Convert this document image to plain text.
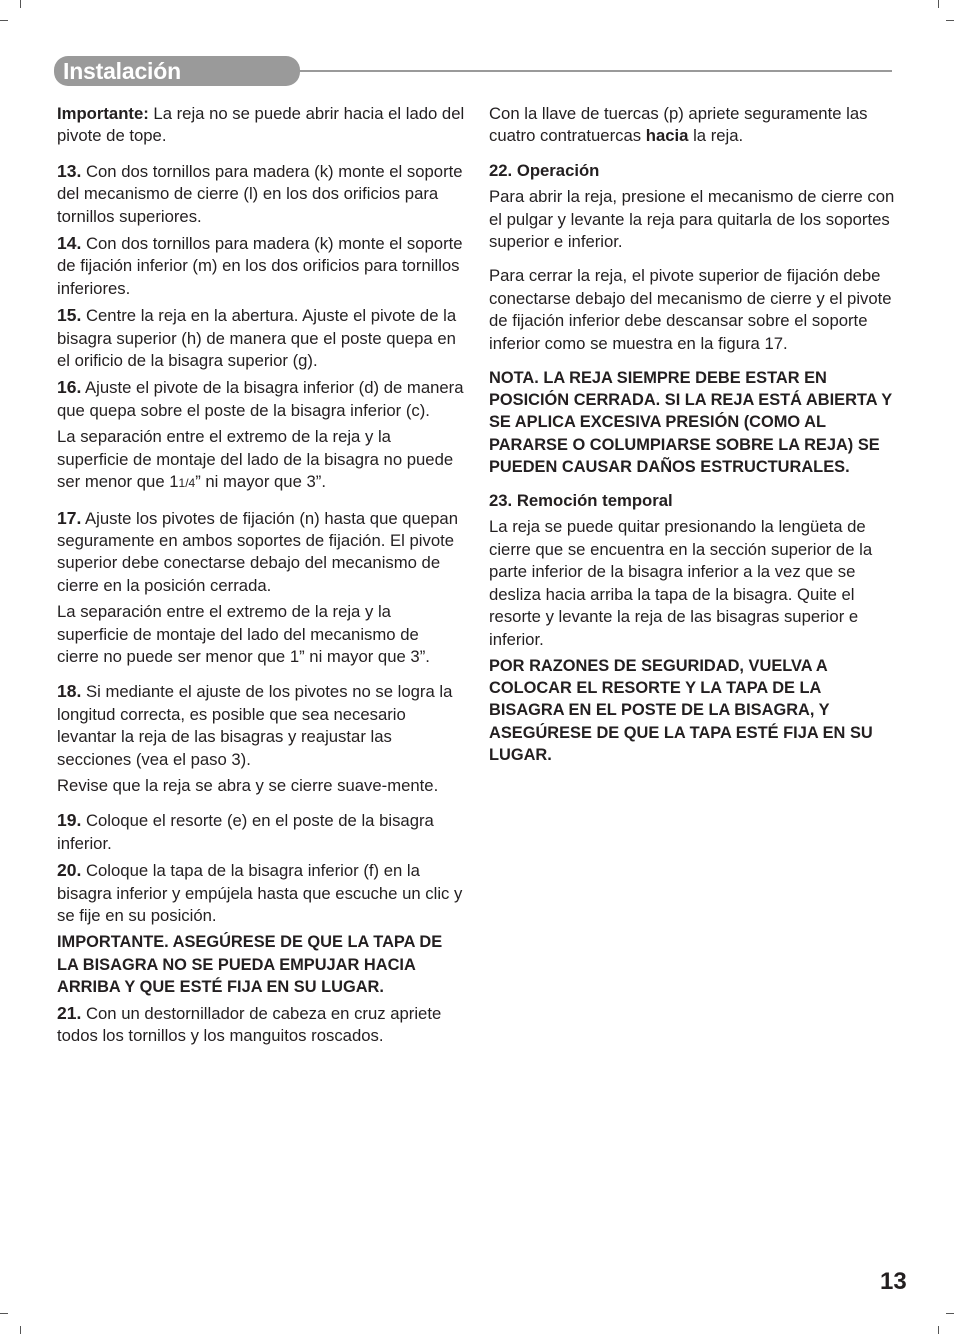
Instalación

Importante: La reja no se puede abrir hacia el lado del pivote de tope.

13. Con dos tornillos para madera (k) monte el soporte del mecanismo de cierre (l) en los dos orificios para tornillos superiores.

14. Con dos tornillos para madera (k) monte el soporte de fijación inferior (m) en los dos orificios para tornillos inferiores.

15. Centre la reja en la abertura. Ajuste el pivote de la bisagra superior (h) de manera que el poste quepa en el orificio de la bisagra superior (g).

16. Ajuste el pivote de la bisagra inferior (d) de manera que quepa sobre el poste de la bisagra inferior (c).

La separación entre el extremo de la reja y la superficie de montaje del lado de la bisagra no puede ser menor que 11/4” ni mayor que 3”.

17. Ajuste los pivotes de fijación (n) hasta que quepan seguramente en ambos soportes de fijación. El pivote superior debe conectarse debajo del mecanismo de cierre en la posición cerrada.

La separación entre el extremo de la reja y la superficie de montaje del lado del mecanismo de cierre no puede ser menor que 1” ni mayor que 3”.

18. Si mediante el ajuste de los pivotes no se logra la longitud correcta, es posible que sea necesario levantar la reja de las bisagras y reajustar las secciones (vea el paso 3).

Revise que la reja se abra y se cierre suave-mente.

19. Coloque el resorte (e) en el poste de la bisagra inferior.

20. Coloque la tapa de la bisagra inferior (f) en la bisagra inferior y empújela hasta que escuche un clic y se fije en su posición.

IMPORTANTE. ASEGÚRESE DE QUE LA TAPA DE LA BISAGRA NO SE PUEDA EMPUJAR HACIA ARRIBA Y QUE ESTÉ FIJA EN SU LUGAR.

21. Con un destornillador de cabeza en cruz apriete todos los tornillos y los manguitos roscados.

Con la llave de tuercas (p) apriete seguramente las cuatro contratuercas hacia la reja.

22. Operación

Para abrir la reja, presione el mecanismo de cierre con el pulgar y levante la reja para quitarla de los soportes superior e inferior.

Para cerrar la reja, el pivote superior de fijación debe conectarse debajo del mecanismo de cierre y el pivote de fijación inferior debe descansar sobre el soporte inferior como se muestra en la figura 17.

NOTA. LA REJA SIEMPRE DEBE ESTAR EN POSICIÓN CERRADA. SI LA REJA ESTÁ ABIERTA Y SE APLICA EXCESIVA PRESIÓN (COMO AL PARARSE O COLUMPIARSE SOBRE LA REJA) SE PUEDEN CAUSAR DAÑOS ESTRUCTURALES.

23. Remoción temporal

La reja se puede quitar presionando la lengüeta de cierre que se encuentra en la sección superior de la parte inferior de la bisagra inferior a la vez que se desliza hacia arriba la tapa de la bisagra. Quite el resorte y levante la reja de las bisagras superior e inferior.

POR RAZONES DE SEGURIDAD, VUELVA A COLOCAR EL RESORTE Y LA TAPA DE LA BISAGRA EN EL POSTE DE LA BISAGRA, Y ASEGÚRESE DE QUE LA TAPA ESTÉ FIJA EN SU LUGAR.

13
